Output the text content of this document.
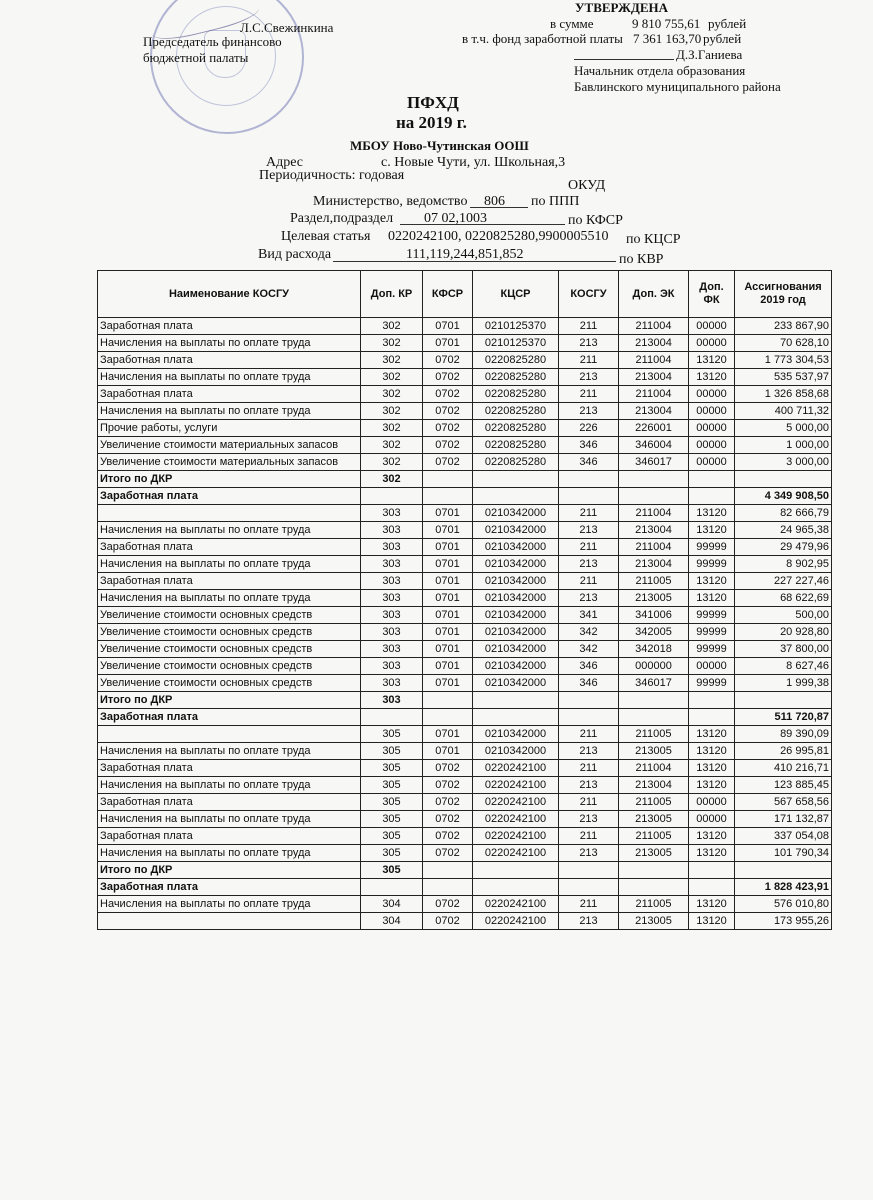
Л.С.Свежинкина
Председатель финансово
бюджетной палаты
УТВЕРЖДЕНА
в сумме	9 810 755,61 рублей
в т.ч. фонд заработной платы 7 361 163,70 рублей
Д.З.Ганиева
Начальник отдела образования
Бавлинского муниципального района
ПФХД
на 2019 г.
МБОУ Ново-Чутинская ООШ
Адрес	с. Новые Чути, ул. Школьная,3
Периодичность: годовая
ОКУД
Министерство, ведомство 806 по ППП
Раздел,подраздел 07 02,1003	по КФСР
Целевая статья 0220242100, 0220825280,9900005510 по КЦСР
Вид расхода	111,119,244,851,852	по КВР
Наименование КОСГУ	Доп. КР	КФСР	КЦСР	КОСГУ	Доп. ЭК	Доп. ФК	Ассигнования 2019 год
Заработная плата	302	0701	0210125370	211	211004	00000	233 867,90
Начисления на выплаты по оплате труда	302	0701	0210125370	213	213004	00000	70 628,10
Заработная плата	302	0702	0220825280	211	211004	13120	1 773 304,53
Начисления на выплаты по оплате труда	302	0702	0220825280	213	213004	13120	535 537,97
Заработная плата	302	0702	0220825280	211	211004	00000	1 326 858,68
Начисления на выплаты по оплате труда	302	0702	0220825280	213	213004	00000	400 711,32
Прочие работы, услуги	302	0702	0220825280	226	226001	00000	5 000,00
Увеличение стоимости материальных запасов	302	0702	0220825280	346	346004	00000	1 000,00
Увеличение стоимости материальных запасов	302	0702	0220825280	346	346017	00000	3 000,00
Итого по ДКР	302						
Заработная плата							4 349 908,50
	303	0701	0210342000	211	211004	13120	82 666,79
Начисления на выплаты по оплате труда	303	0701	0210342000	213	213004	13120	24 965,38
Заработная плата	303	0701	0210342000	211	211004	99999	29 479,96
Начисления на выплаты по оплате труда	303	0701	0210342000	213	213004	99999	8 902,95
Заработная плата	303	0701	0210342000	211	211005	13120	227 227,46
Начисления на выплаты по оплате труда	303	0701	0210342000	213	213005	13120	68 622,69
Увеличение стоимости основных средств	303	0701	0210342000	341	341006	99999	500,00
Увеличение стоимости основных средств	303	0701	0210342000	342	342005	99999	20 928,80
Увеличение стоимости основных средств	303	0701	0210342000	342	342018	99999	37 800,00
Увеличение стоимости основных средств	303	0701	0210342000	346	000000	00000	8 627,46
Увеличение стоимости основных средств	303	0701	0210342000	346	346017	99999	1 999,38
Итого по ДКР	303						
Заработная плата							511 720,87
	305	0701	0210342000	211	211005	13120	89 390,09
Начисления на выплаты по оплате труда	305	0701	0210342000	213	213005	13120	26 995,81
Заработная плата	305	0702	0220242100	211	211004	13120	410 216,71
Начисления на выплаты по оплате труда	305	0702	0220242100	213	213004	13120	123 885,45
Заработная плата	305	0702	0220242100	211	211005	00000	567 658,56
Начисления на выплаты по оплате труда	305	0702	0220242100	213	213005	00000	171 132,87
Заработная плата	305	0702	0220242100	211	211005	13120	337 054,08
Начисления на выплаты по оплате труда	305	0702	0220242100	213	213005	13120	101 790,34
Итого по ДКР	305						
Заработная плата							1 828 423,91
Начисления на выплаты по оплате труда	304	0702	0220242100	211	211005	13120	576 010,80
	304	0702	0220242100	213	213005	13120	173 955,26
